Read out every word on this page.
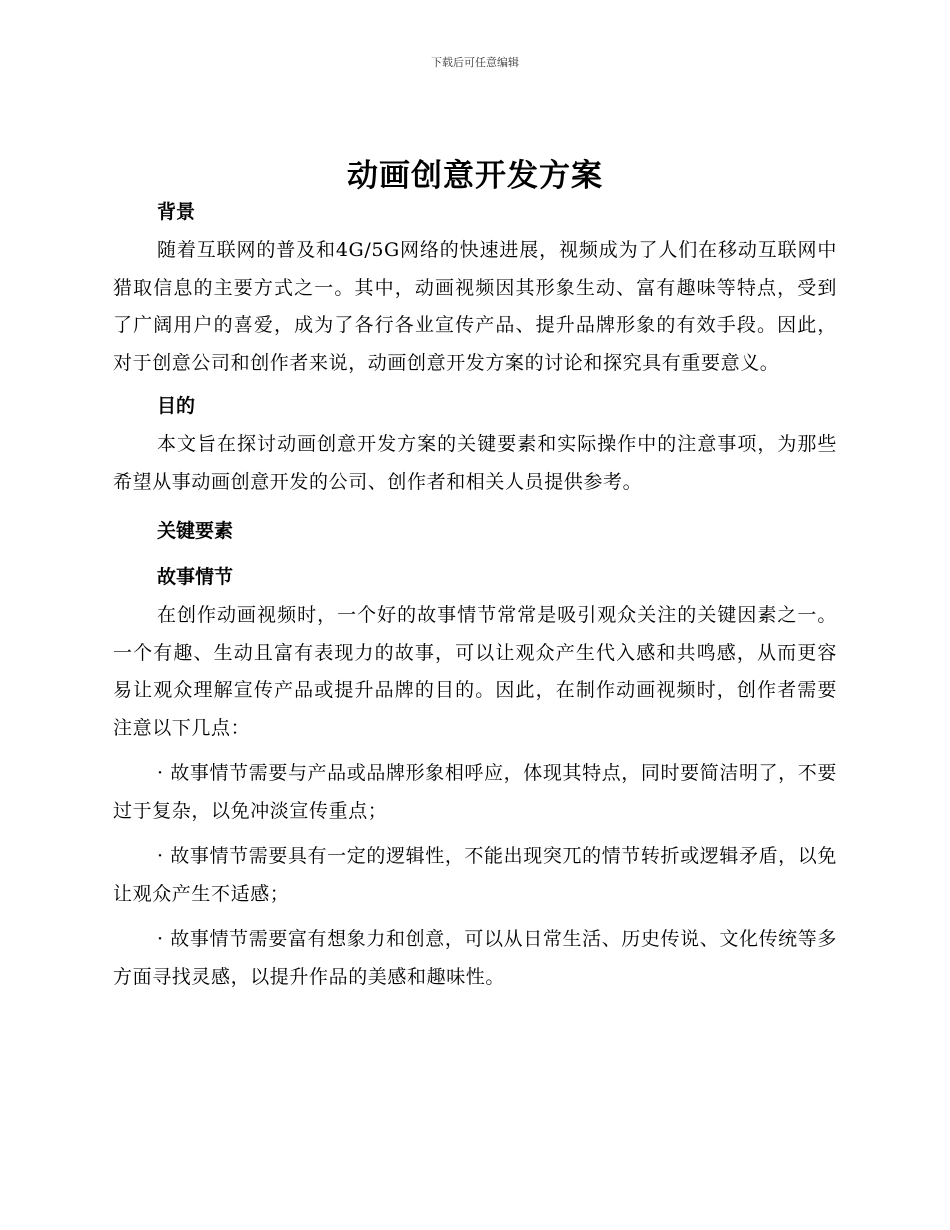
下载后可任意编辑
动画创意开发方案
背景

随着互联网的普及和4G/5G网络的快速进展，视频成为了人们在移动互联网中猎取信息的主要方式之一。其中，动画视频因其形象生动、富有趣味等特点，受到了广阔用户的喜爱，成为了各行各业宣传产品、提升品牌形象的有效手段。因此，对于创意公司和创作者来说，动画创意开发方案的讨论和探究具有重要意义。

目的

本文旨在探讨动画创意开发方案的关键要素和实际操作中的注意事项，为那些希望从事动画创意开发的公司、创作者和相关人员提供参考。

关键要素
故事情节

在创作动画视频时，一个好的故事情节常常是吸引观众关注的关键因素之一。一个有趣、生动且富有表现力的故事，可以让观众产生代入感和共鸣感，从而更容易让观众理解宣传产品或提升品牌的目的。因此，在制作动画视频时，创作者需要注意以下几点：

· 故事情节需要与产品或品牌形象相呼应，体现其特点，同时要简洁明了，不要过于复杂，以免冲淡宣传重点；

· 故事情节需要具有一定的逻辑性，不能出现突兀的情节转折或逻辑矛盾，以免让观众产生不适感；

· 故事情节需要富有想象力和创意，可以从日常生活、历史传说、文化传统等多方面寻找灵感，以提升作品的美感和趣味性。
